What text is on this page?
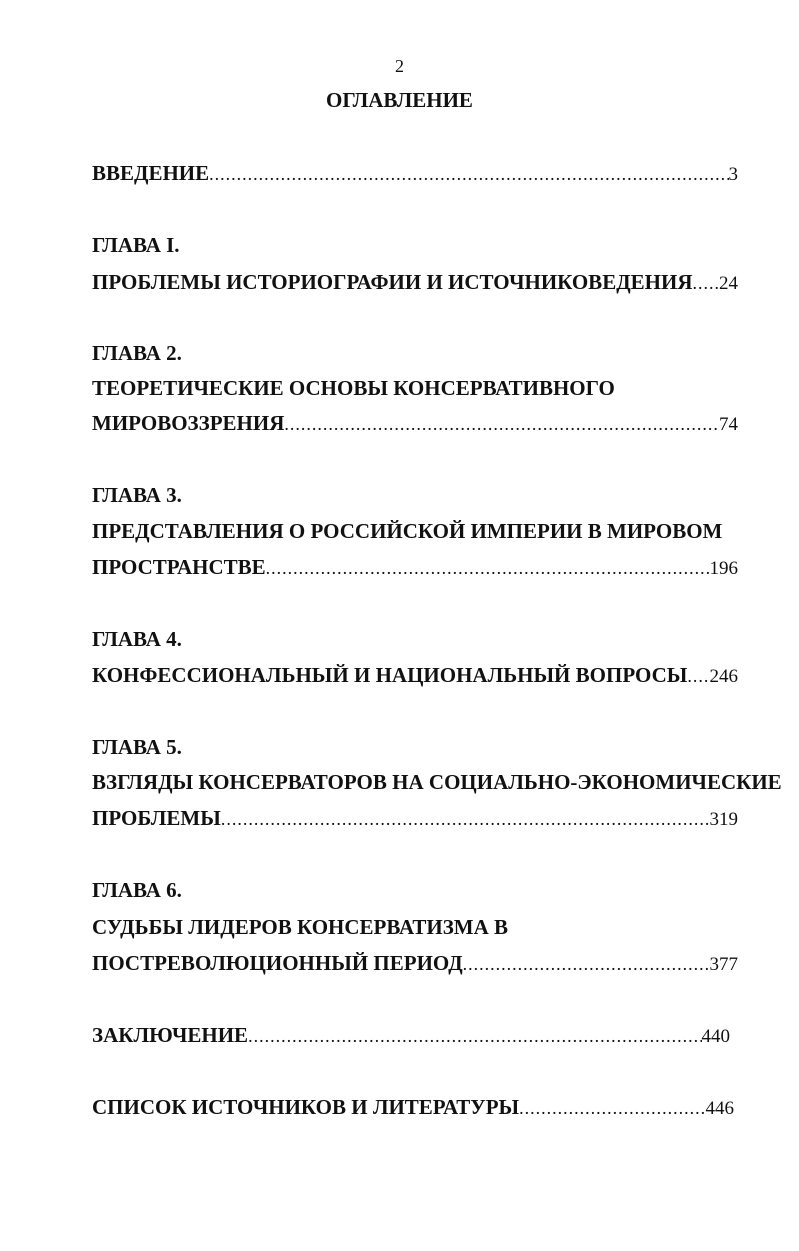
2
ОГЛАВЛЕНИЕ
ВВЕДЕНИЕ .....	3
ГЛАВА I.
ПРОБЛЕМЫ ИСТОРИОГРАФИИ И ИСТОЧНИКОВЕДЕНИЯ ..... 24
ГЛАВА 2.
ТЕОРЕТИЧЕСКИЕ ОСНОВЫ КОНСЕРВАТИВНОГО
МИРОВОЗЗРЕНИЯ .....	74
ГЛАВА 3.
ПРЕДСТАВЛЕНИЯ О РОССИЙСКОЙ ИМПЕРИИ В МИРОВОМ
ПРОСТРАНСТВЕ .....	196
ГЛАВА 4.
КОНФЕССИОНАЛЬНЫЙ И НАЦИОНАЛЬНЫЙ ВОПРОСЫ ..... 246
ГЛАВА 5.
ВЗГЛЯДЫ КОНСЕРВАТОРОВ НА СОЦИАЛЬНО-ЭКОНОМИЧЕСКИЕ
ПРОБЛЕМЫ .....	319
ГЛАВА 6.
СУДЬБЫ ЛИДЕРОВ КОНСЕРВАТИЗМА В
ПОСТРЕВОЛЮЦИОННЫЙ ПЕРИОД .....	377
ЗАКЛЮЧЕНИЕ .....	440
СПИСОК ИСТОЧНИКОВ И ЛИТЕРАТУРЫ .....	446
